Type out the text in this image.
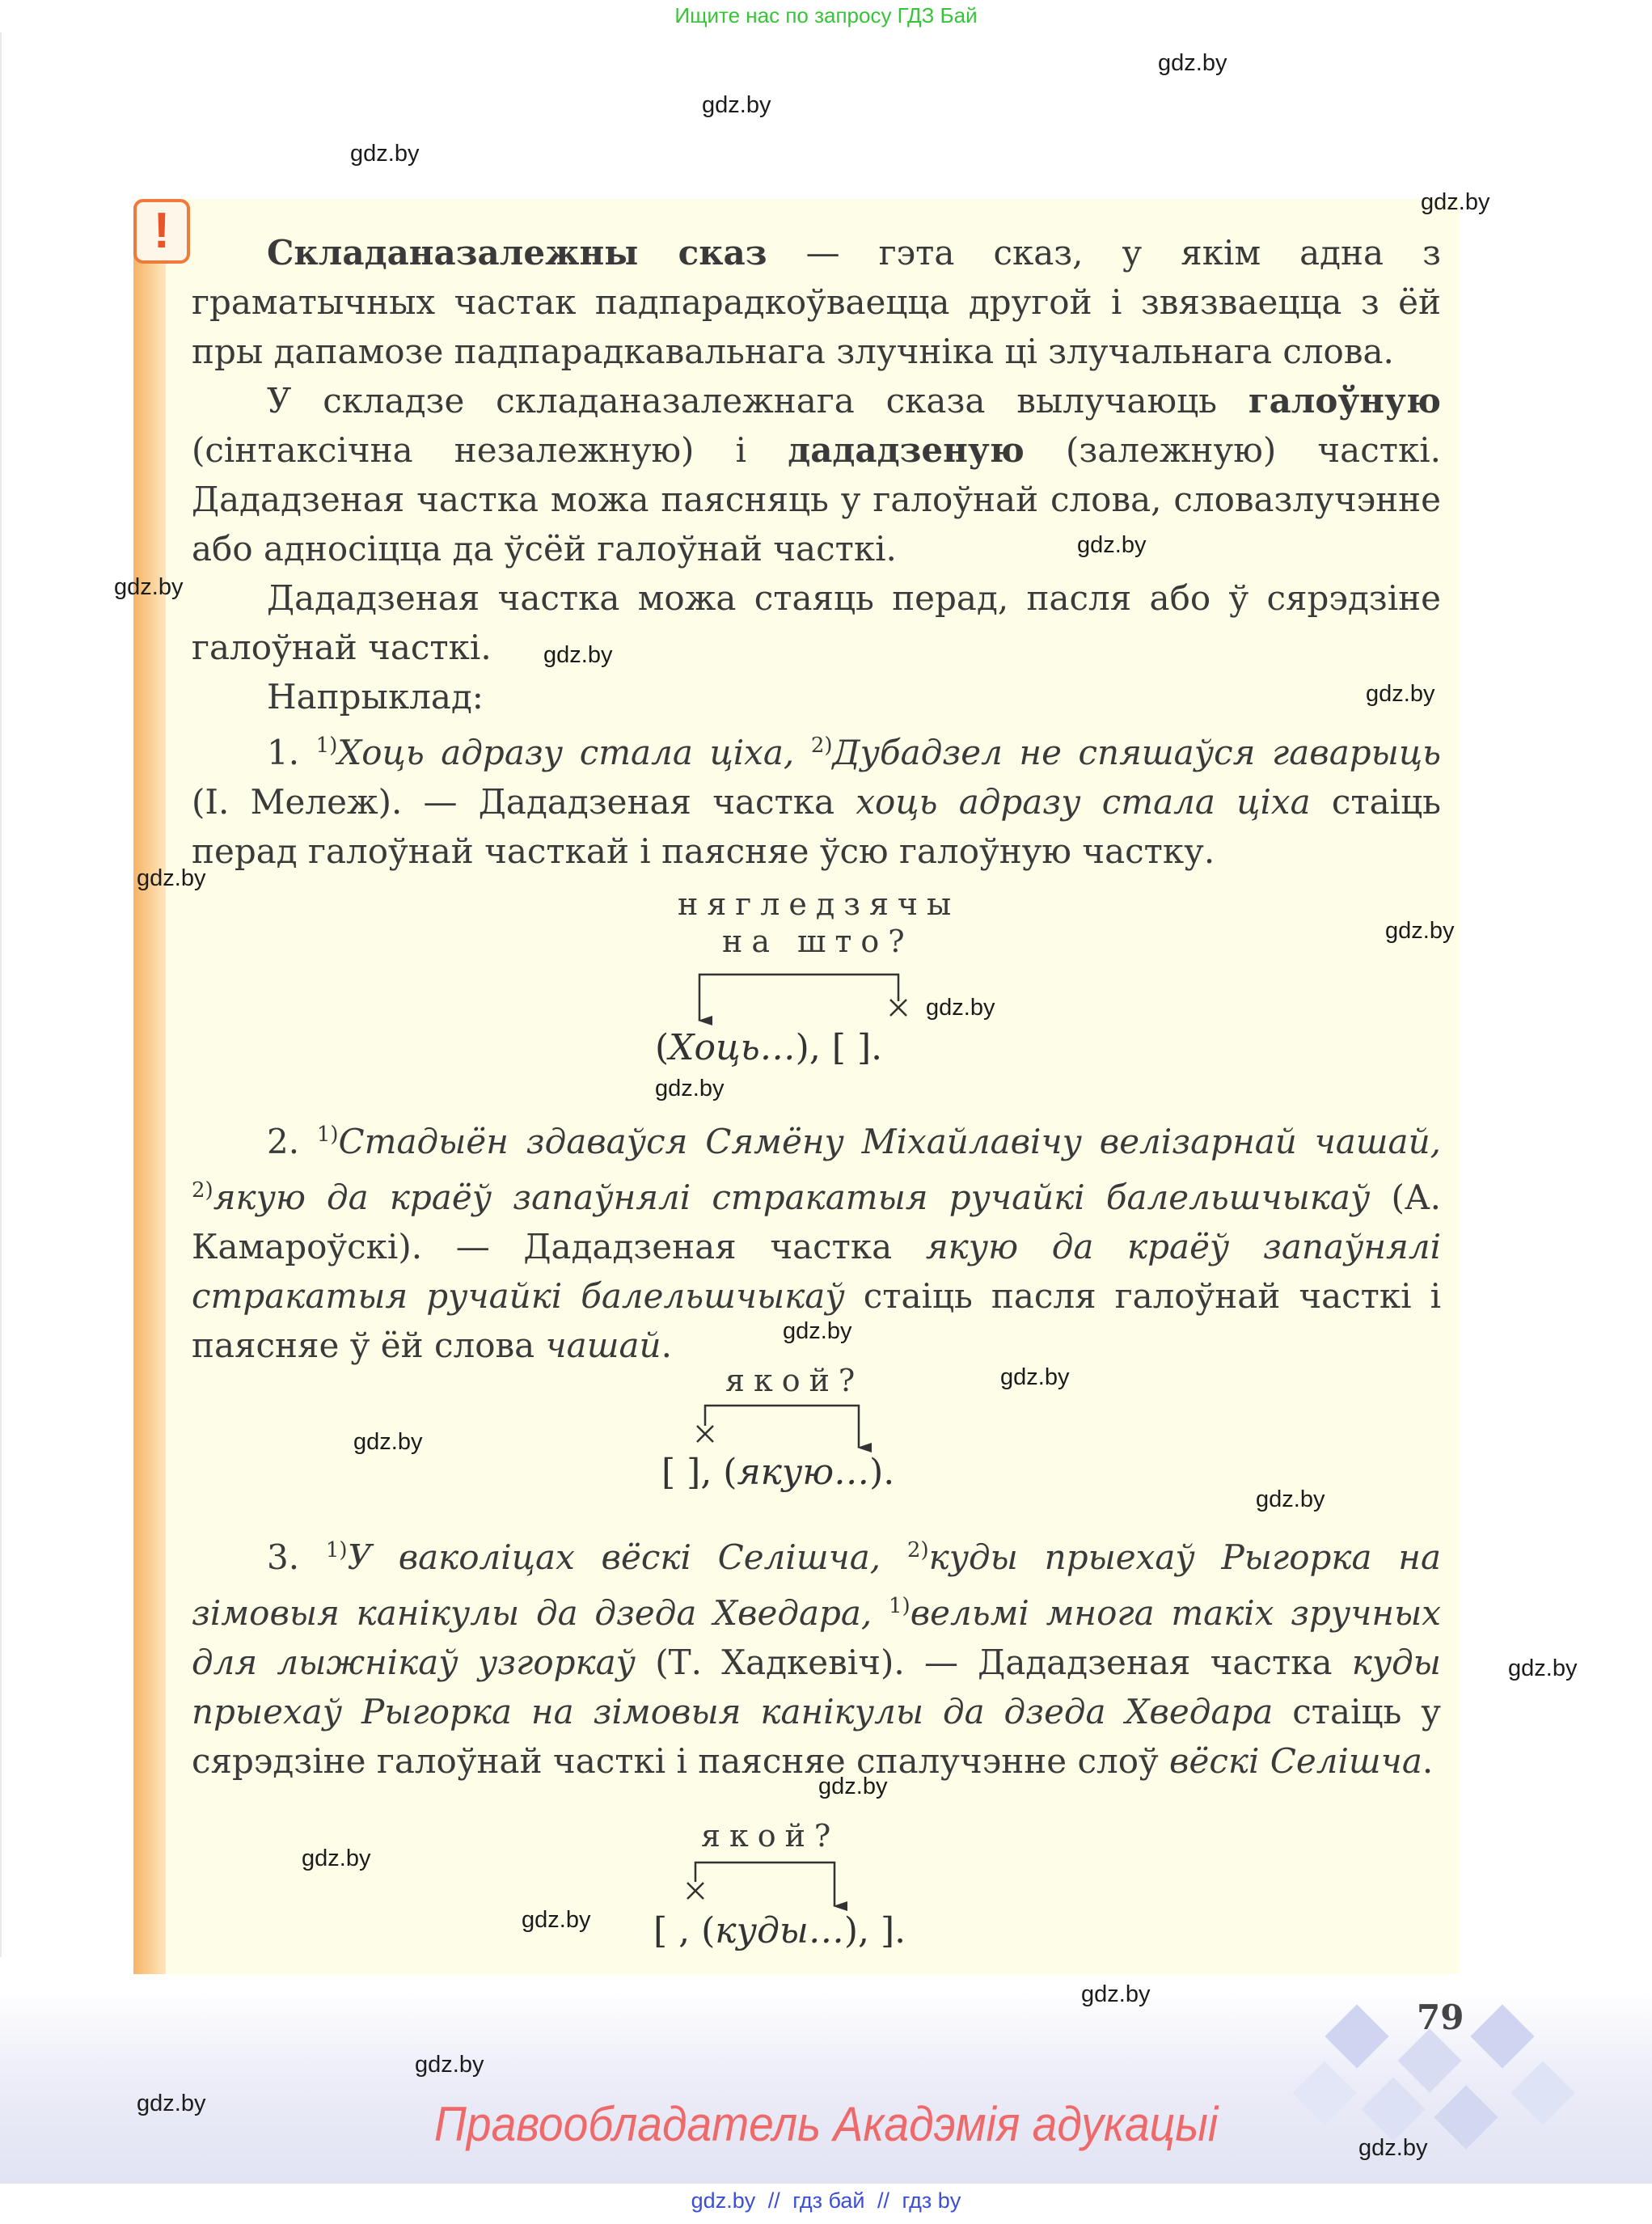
Ищите нас по запросу ГДЗ Бай
!	Складаназалежны сказ — гэта сказ, у якім адна з граматычных частак падпарадкоўваецца другой і звязваецца з ёй пры дапамозе падпарадкавальнага злучніка ці злучальнага слова.

У складзе складаназалежнага сказа вылучаюць галоўную (сінтаксічна незалежную) і дададзеную (залежную) часткі. Дададзеная частка можа паясняць у галоўнай слова, словазлучэнне або адносіцца да ўсёй галоўнай часткі.

Дададзеная частка можа стаяць перад, пасля або ў сярэдзіне галоўнай часткі.

Напрыклад:

1. $^{1)}$Хоць адразу стала ціха, $^{2)}$Дубадзел не спяшаўся гаварыць (І. Мележ). — Дададзеная частка хоць адразу стала ціха стаіць перад галоўнай часткай і паясняе ўсю галоўную частку.

нягледзячы
на што?
(Хоць…), [ ].

2. $^{1)}$Стадыён здаваўся Сямёну Міхайлавічу велізарнай чашай, $^{2)}$якую да краёў запаўнялі стракатыя ручайкі балельшчыкаў (А. Камароўскі). — Дададзеная частка якую да краёў запаўнялі стракатыя ручайкі балельшчыкаў стаіць пасля галоўнай часткі і паясняе ў ёй слова чашай.

якой?
[ ], (якую…).

3. $^{1)}$У ваколіцах вёскі Селішча, $^{2)}$куды прыехаў Рыгорка на зімовыя канікулы да дзеда Хведара, $^{1)}$вельмі многа такіх зручных для лыжнікаў узгоркаў (Т. Хадкевіч). — Дададзеная частка куды прыехаў Рыгорка на зімовыя канікулы да дзеда Хведара стаіць у сярэдзіне галоўнай часткі і паясняе спалучэнне слоў вёскі Селішча.

якой?
[ , (куды…), ].
79
Правообладатель Акадэмія адукацыі
gdz.by // гдз бай // гдз by
gdz.by
gdz.by
gdz.by
gdz.by
gdz.by
gdz.by
gdz.by
gdz.by
gdz.by
gdz.by
gdz.by
gdz.by
gdz.by
gdz.by
gdz.by
gdz.by
gdz.by
gdz.by
gdz.by
gdz.by
gdz.by
gdz.by
gdz.by
gdz.by
